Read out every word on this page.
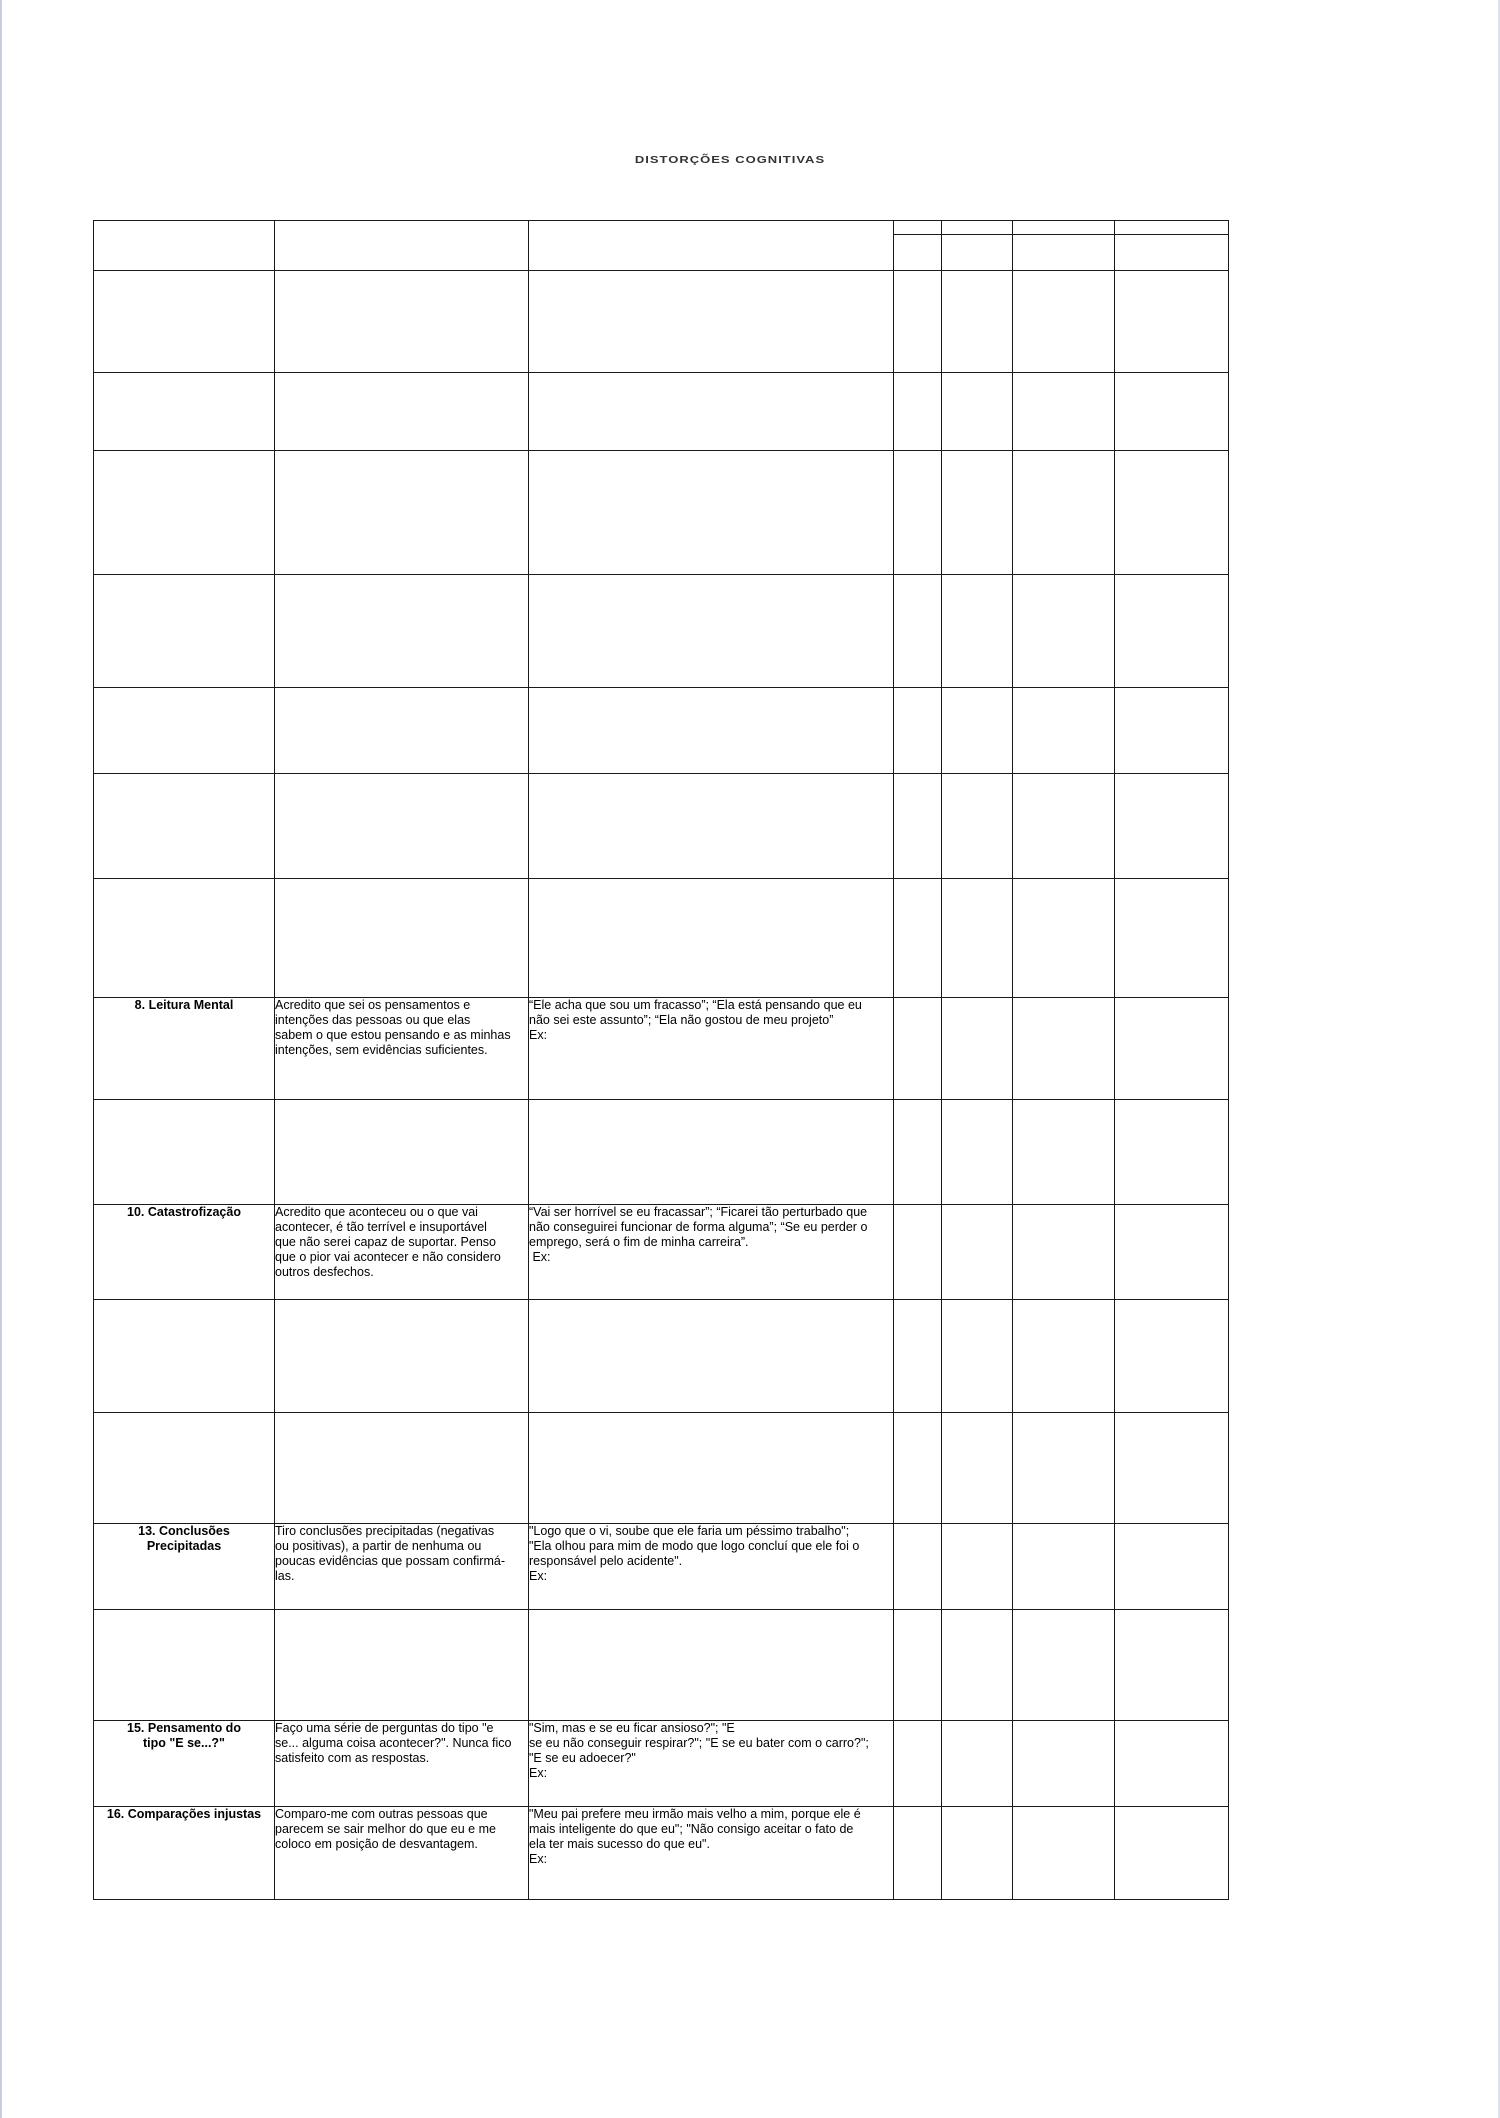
DISTORÇÕES COGNITIVAS

8. Leitura Mental	Acredito que sei os pensamentos e
intenções das pessoas ou que elas
sabem o que estou pensando e as minhas
intenções, sem evidências suficientes.	“Ele acha que sou um fracasso”; “Ela está pensando que eu
não sei este assunto”; “Ela não gostou de meu projeto”
Ex:				

10. Catastrofização	Acredito que aconteceu ou o que vai
acontecer, é tão terrível e insuportável
que não serei capaz de suportar. Penso
que o pior vai acontecer e não considero
outros desfechos.	“Vai ser horrível se eu fracassar”; “Ficarei tão perturbado que
não conseguirei funcionar de forma alguma”; “Se eu perder o
emprego, será o fim de minha carreira”.
Ex:				

13. Conclusões
Precipitadas	Tiro conclusões precipitadas (negativas
ou positivas), a partir de nenhuma ou
poucas evidências que possam confirmá-
las.	"Logo que o vi, soube que ele faria um péssimo trabalho";
"Ela olhou para mim de modo que logo concluí que ele foi o
responsável pelo acidente".
Ex:				

15. Pensamento do
tipo "E se...?"	Faço uma série de perguntas do tipo "e
se... alguma coisa acontecer?". Nunca fico
satisfeito com as respostas.	"Sim, mas e se eu ficar ansioso?"; "E
se eu não conseguir respirar?"; "E se eu bater com o carro?";
"E se eu adoecer?"
Ex:				

16. Comparações injustas	Comparo-me com outras pessoas que
parecem se sair melhor do que eu e me
coloco em posição de desvantagem.	"Meu pai prefere meu irmão mais velho a mim, porque ele é
mais inteligente do que eu"; "Não consigo aceitar o fato de
ela ter mais sucesso do que eu".
Ex:				
